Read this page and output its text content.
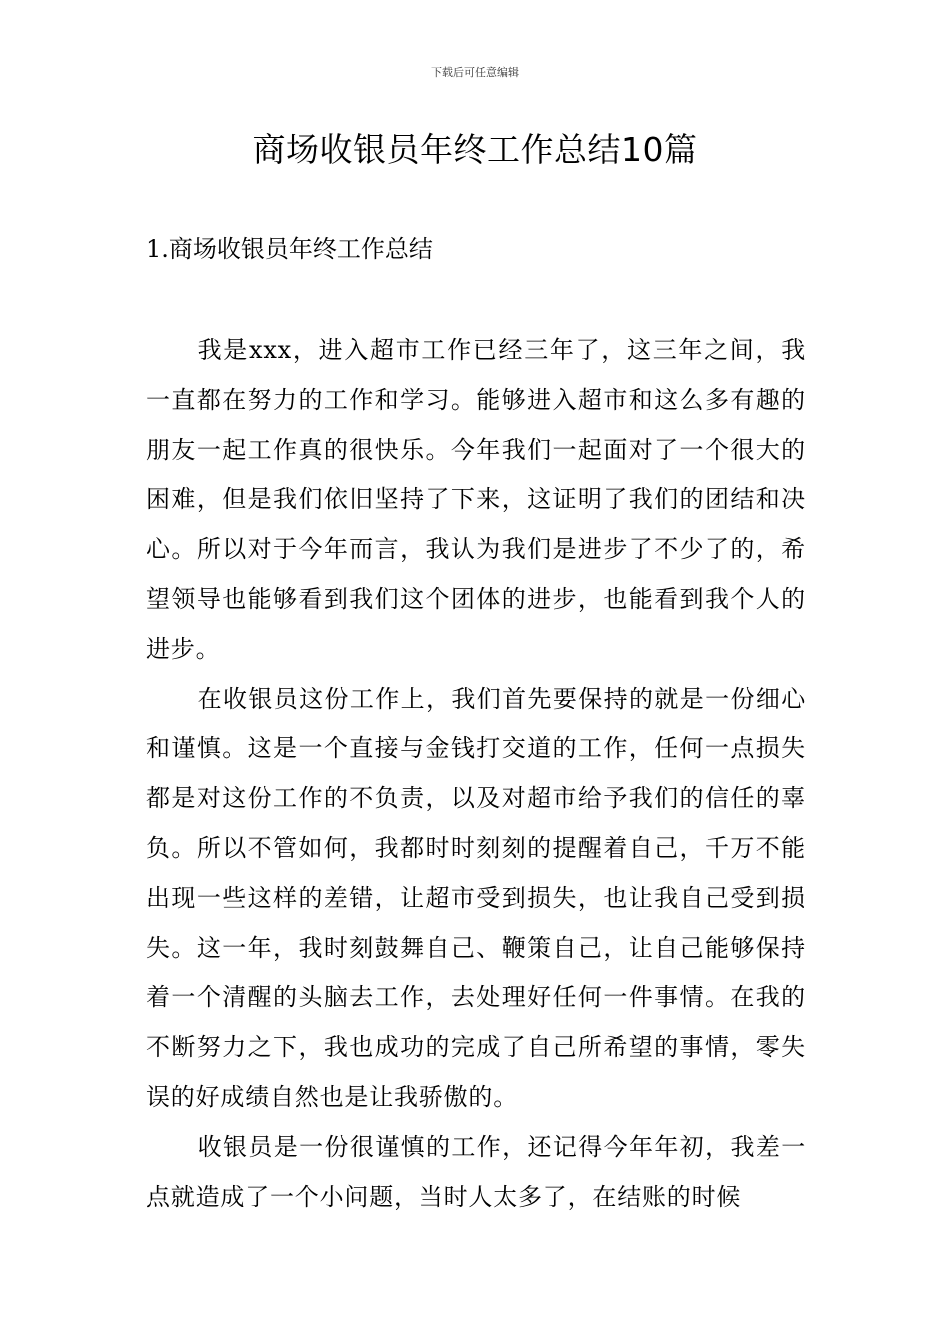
下载后可任意编辑
商场收银员年终工作总结10篇
1.商场收银员年终工作总结

我是xxx，进入超市工作已经三年了，这三年之间，我一直都在努力的工作和学习。能够进入超市和这么多有趣的朋友一起工作真的很快乐。今年我们一起面对了一个很大的困难，但是我们依旧坚持了下来，这证明了我们的团结和决心。所以对于今年而言，我认为我们是进步了不少了的，希望领导也能够看到我们这个团体的进步，也能看到我个人的进步。

在收银员这份工作上，我们首先要保持的就是一份细心和谨慎。这是一个直接与金钱打交道的工作，任何一点损失都是对这份工作的不负责，以及对超市给予我们的信任的辜负。所以不管如何，我都时时刻刻的提醒着自己，千万不能出现一些这样的差错，让超市受到损失，也让我自己受到损失。这一年，我时刻鼓舞自己、鞭策自己，让自己能够保持着一个清醒的头脑去工作，去处理好任何一件事情。在我的不断努力之下，我也成功的完成了自己所希望的事情，零失误的好成绩自然也是让我骄傲的。

收银员是一份很谨慎的工作，还记得今年年初，我差一点就造成了一个小问题，当时人太多了，在结账的时候
